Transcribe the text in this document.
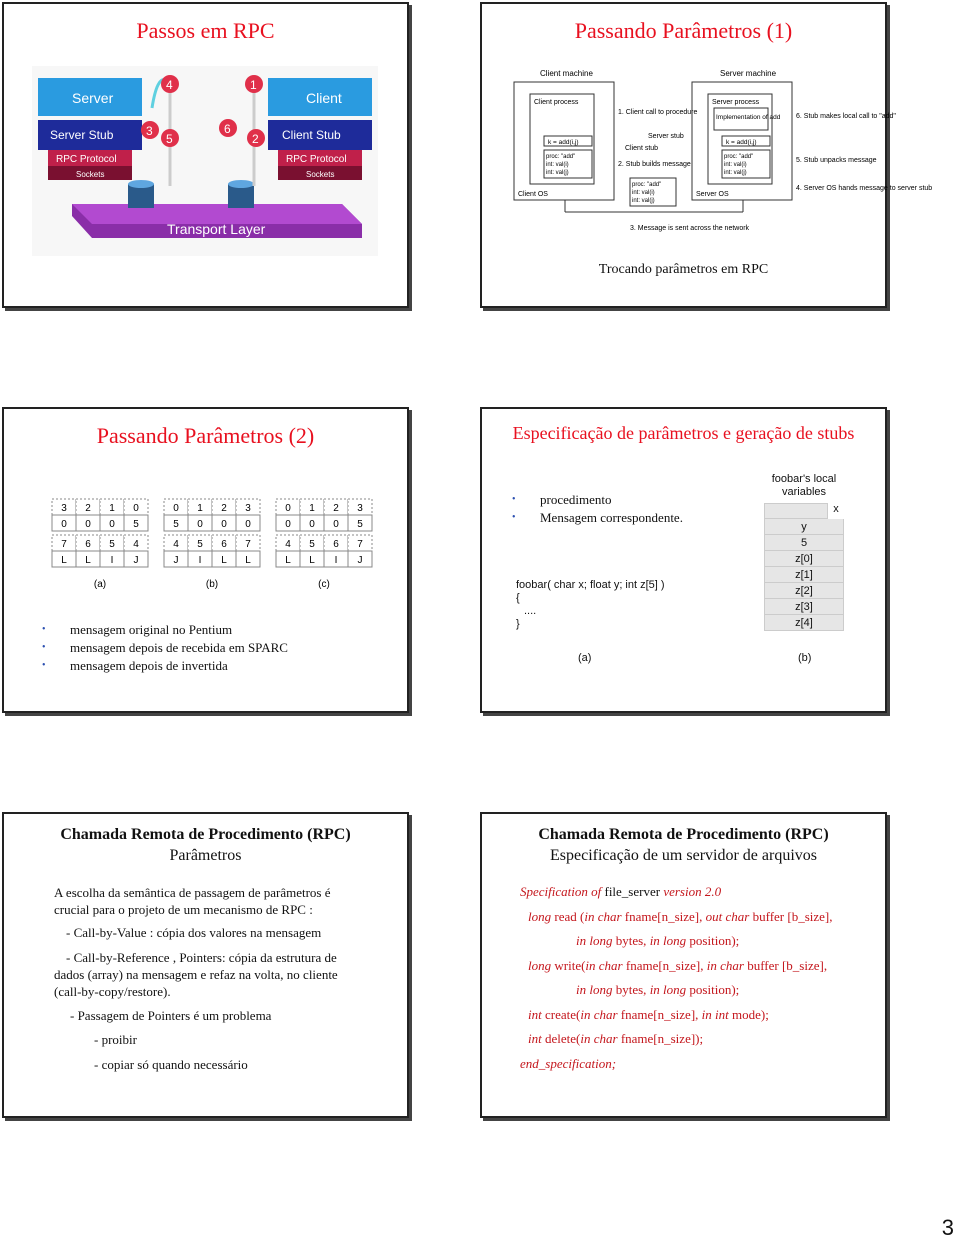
Passos em RPC
Transport Layer
Server
Server Stub
RPC Protocol
Sockets
Client
Client Stub
RPC Protocol
Sockets
4	1
3
5
6
2
Passando Parâmetros (1)
Client machine	Server machine
Client process	Server process
Implementation of add
k = add(i,j)	k = add(i,j)
proc: "add"
int: val(i)
int: val(j)
proc: "add"
int: val(i)
int: val(j)
proc: "add"
int: val(i)
int: val(j)
Client OS	Server OS
Server stub
Client stub
1. Client call to procedure
2. Stub builds message
3. Message is sent across the network
4. Server OS hands message to server stub
5. Stub unpacks message
6. Stub makes local call to "add"
Trocando parâmetros em RPC
Passando Parâmetros (2)
3 2 1 0
0 0 0 5
7 6 5 4
L L I J
(a)
0 1 2 3
5 0 0 0
4 5 6 7
J I L L
(b)
0 1 2 3
0 0 0 5
4 5 6 7
L L I J
(c)
• mensagem original no Pentium
• mensagem depois de recebida em SPARC
• mensagem depois de invertida
Especificação de parâmetros e geração de stubs
• procedimento
• Mensagem correspondente.
foobar( char x; float y; int z[5] )
{
....
}
(a)
foobar's local variables
x
y
5
z[0]
z[1]
z[2]
z[3]
z[4]
(b)
Chamada Remota de Procedimento (RPC)
Parâmetros
A escolha da semântica de passagem de parâmetros é crucial para o projeto de um mecanismo de RPC :
- Call-by-Value : cópia dos valores na mensagem
- Call-by-Reference , Pointers: cópia da estrutura de dados (array) na mensagem e refaz na volta, no cliente (call-by-copy/restore).
- Passagem de Pointers é um problema
- proibir
- copiar só quando necessário
Chamada Remota de Procedimento (RPC)
Especificação de um servidor de arquivos
Specification of file_server version 2.0
long read (in char fname[n_size], out char buffer [b_size],
in long bytes, in long position);
long write(in char fname[n_size], in char buffer [b_size],
in long bytes, in long position);
int create(in char fname[n_size], in int mode);
int delete(in char fname[n_size]);
end_specification;
3
